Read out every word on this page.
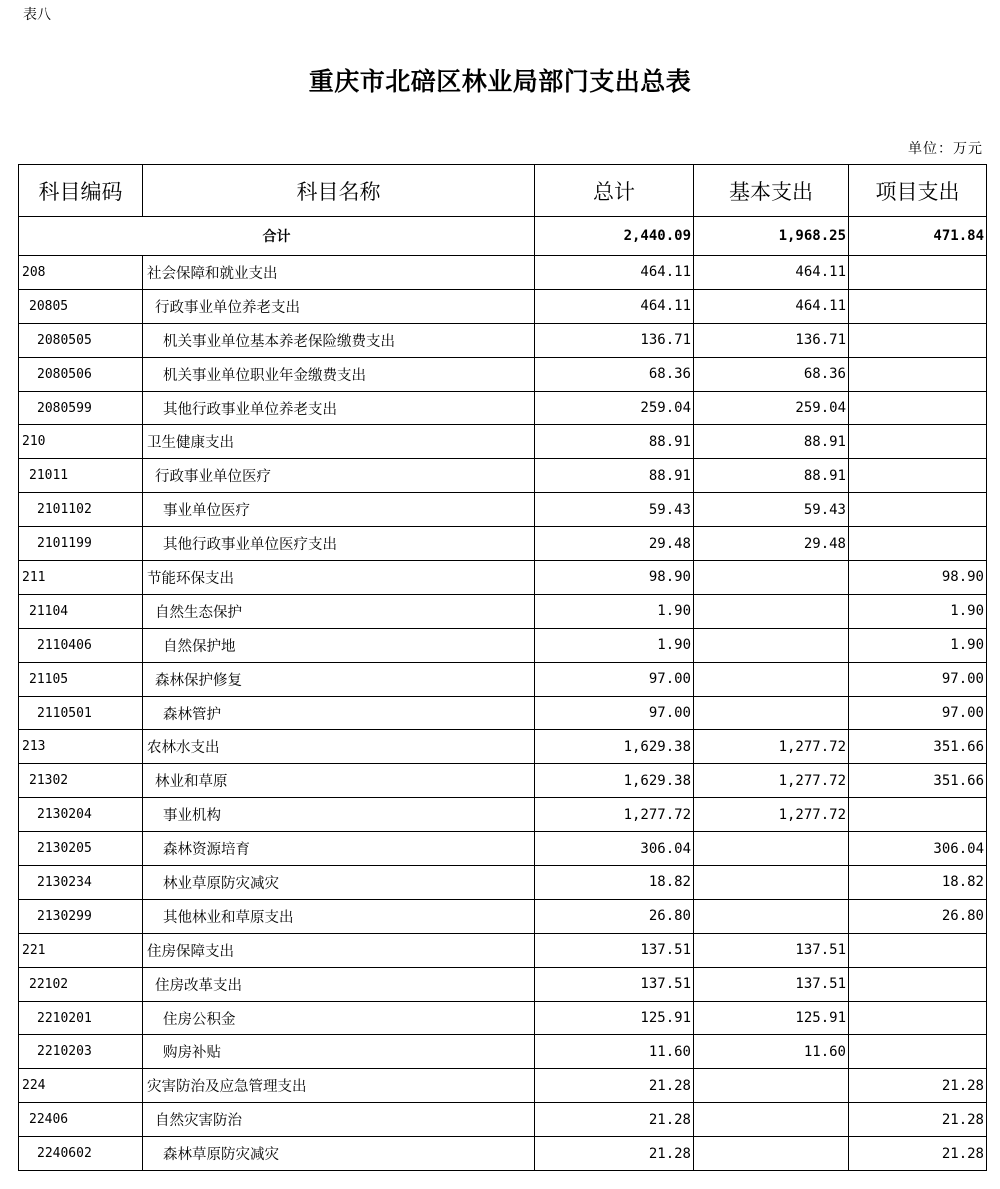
表八
重庆市北碚区林业局部门支出总表
单位：万元
科目编码	科目名称	总计	基本支出	项目支出
合计		2,440.09	1,968.25	471.84
208	社会保障和就业支出	464.11	464.11	
20805	行政事业单位养老支出	464.11	464.11	
2080505	机关事业单位基本养老保险缴费支出	136.71	136.71	
2080506	机关事业单位职业年金缴费支出	68.36	68.36	
2080599	其他行政事业单位养老支出	259.04	259.04	
210	卫生健康支出	88.91	88.91	
21011	行政事业单位医疗	88.91	88.91	
2101102	事业单位医疗	59.43	59.43	
2101199	其他行政事业单位医疗支出	29.48	29.48	
211	节能环保支出	98.90		98.90
21104	自然生态保护	1.90		1.90
2110406	自然保护地	1.90		1.90
21105	森林保护修复	97.00		97.00
2110501	森林管护	97.00		97.00
213	农林水支出	1,629.38	1,277.72	351.66
21302	林业和草原	1,629.38	1,277.72	351.66
2130204	事业机构	1,277.72	1,277.72	
2130205	森林资源培育	306.04		306.04
2130234	林业草原防灾减灾	18.82		18.82
2130299	其他林业和草原支出	26.80		26.80
221	住房保障支出	137.51	137.51	
22102	住房改革支出	137.51	137.51	
2210201	住房公积金	125.91	125.91	
2210203	购房补贴	11.60	11.60	
224	灾害防治及应急管理支出	21.28		21.28
22406	自然灾害防治	21.28		21.28
2240602	森林草原防灾减灾	21.28		21.28
